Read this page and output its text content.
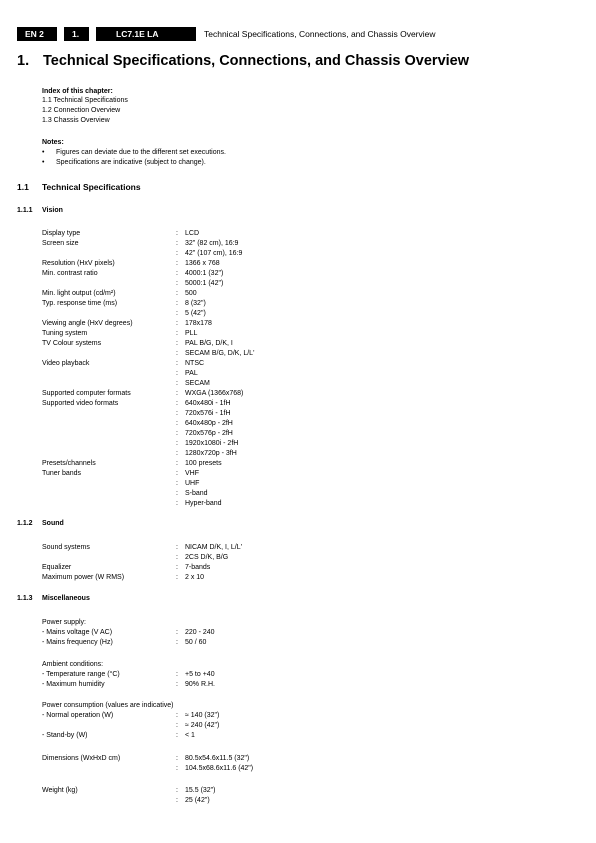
EN 2	1.	LC7.1E LA	Technical Specifications, Connections, and Chassis Overview
1. Technical Specifications, Connections, and Chassis Overview
Index of this chapter:
1.1 Technical Specifications
1.2 Connection Overview
1.3 Chassis Overview
Notes:
• Figures can deviate due to the different set executions.
• Specifications are indicative (subject to change).
1.1 Technical Specifications
1.1.1 Vision
Display type	: LCD
Screen size	: 32" (82 cm), 16:9
: 42" (107 cm), 16:9
Resolution (HxV pixels)	: 1366 x 768
Min. contrast ratio	: 4000:1 (32")
: 5000:1 (42")
Min. light output (cd/m²)	: 500
Typ. response time (ms)	: 8 (32")
: 5 (42")
Viewing angle (HxV degrees)	: 178x178
Tuning system	: PLL
TV Colour systems	: PAL B/G, D/K, I
: SECAM B/G, D/K, L/L'
Video playback	: NTSC
: PAL
: SECAM
Supported computer formats	: WXGA (1366x768)
Supported video formats	: 640x480i - 1fH
: 720x576i - 1fH
: 640x480p - 2fH
: 720x576p - 2fH
: 1920x1080i - 2fH
: 1280x720p - 3fH
Presets/channels	: 100 presets
Tuner bands	: VHF
: UHF
: S-band
: Hyper-band
1.1.2 Sound
Sound systems	: NICAM D/K, I, L/L'
: 2CS D/K, B/G
Equalizer	: 7-bands
Maximum power (W RMS)	: 2 x 10
1.1.3 Miscellaneous
Power supply:
- Mains voltage (V AC)	: 220 - 240
- Mains frequency (Hz)	: 50 / 60
Ambient conditions:
- Temperature range (°C)	: +5 to +40
- Maximum humidity	: 90% R.H.
Power consumption (values are indicative)
- Normal operation (W)	: ≈ 140 (32")
: ≈ 240 (42")
- Stand-by (W)	: < 1
Dimensions (WxHxD cm)	: 80.5x54.6x11.5 (32")
: 104.5x68.6x11.6 (42")
Weight (kg)	: 15.5 (32")
: 25 (42")
